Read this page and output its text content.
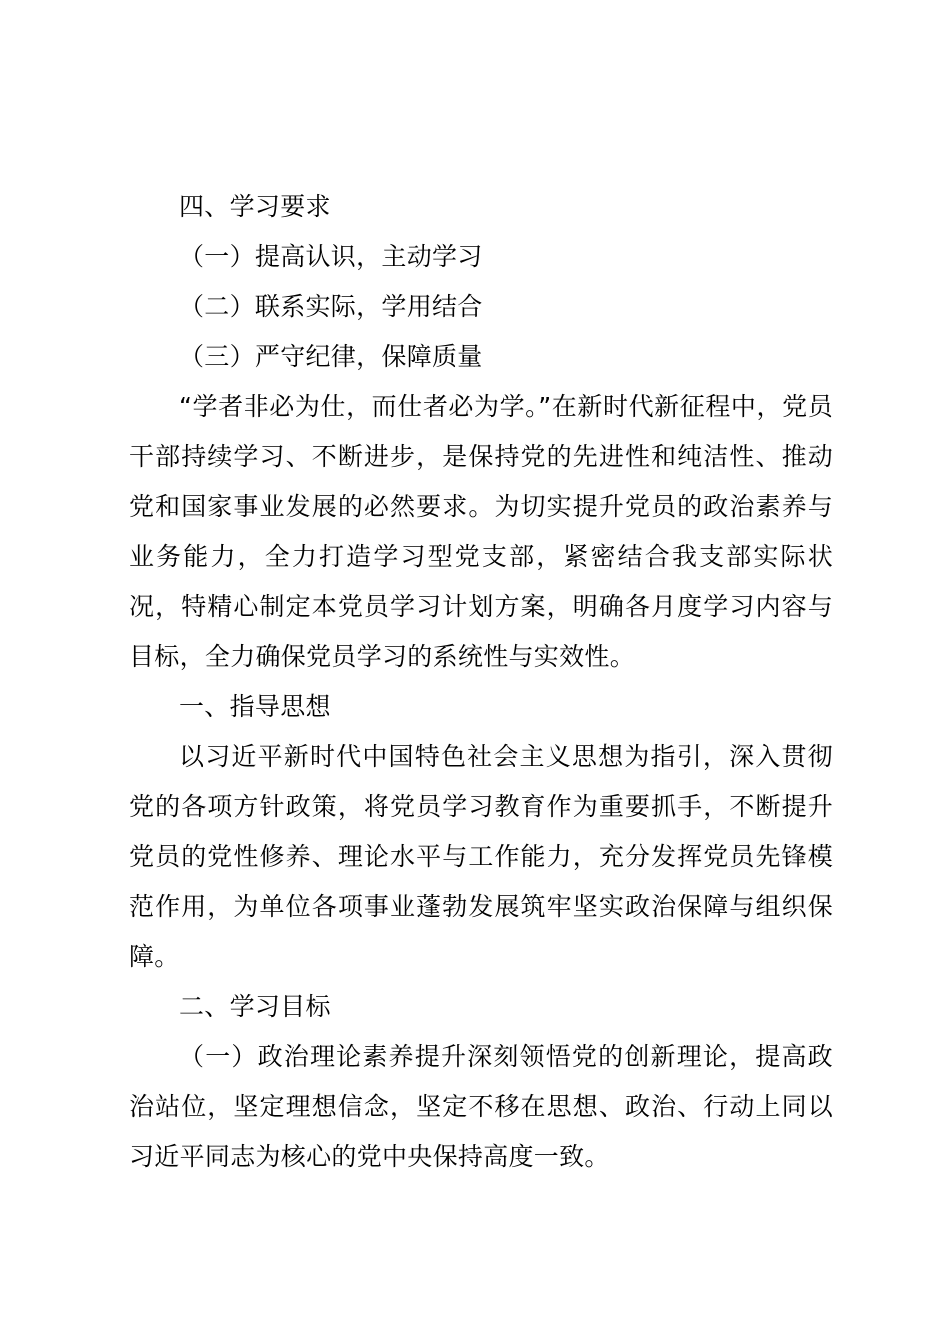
四、学习要求

（一）提高认识，主动学习

（二）联系实际，学用结合

（三）严守纪律，保障质量

“学者非必为仕，而仕者必为学。”在新时代新征程中，党员干部持续学习、不断进步，是保持党的先进性和纯洁性、推动党和国家事业发展的必然要求。为切实提升党员的政治素养与业务能力，全力打造学习型党支部，紧密结合我支部实际状况，特精心制定本党员学习计划方案，明确各月度学习内容与目标，全力确保党员学习的系统性与实效性。

一、指导思想

以习近平新时代中国特色社会主义思想为指引，深入贯彻党的各项方针政策，将党员学习教育作为重要抓手，不断提升党员的党性修养、理论水平与工作能力，充分发挥党员先锋模范作用，为单位各项事业蓬勃发展筑牢坚实政治保障与组织保障。

二、学习目标

（一）政治理论素养提升深刻领悟党的创新理论，提高政治站位，坚定理想信念，坚定不移在思想、政治、行动上同以习近平同志为核心的党中央保持高度一致。
